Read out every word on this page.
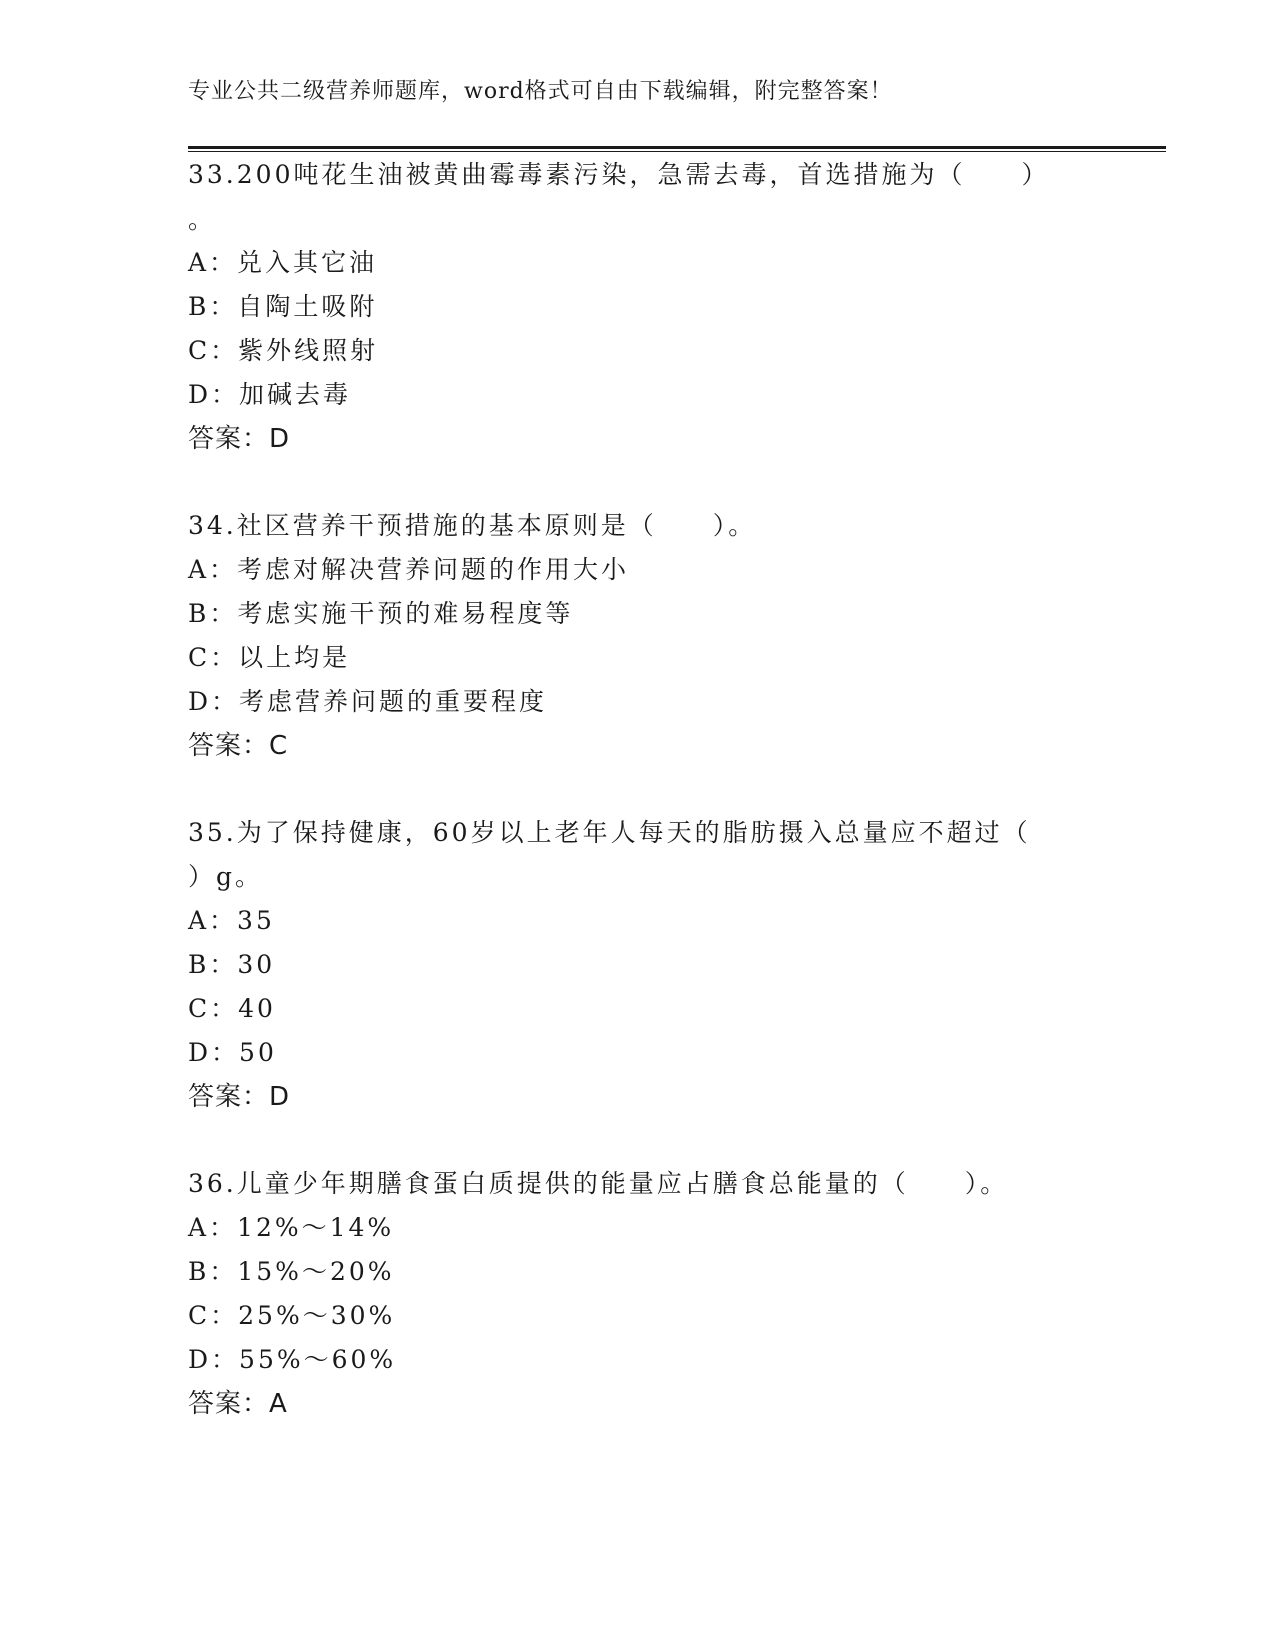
专业公共二级营养师题库，word格式可自由下载编辑，附完整答案！
33.200吨花生油被黄曲霉毒素污染，急需去毒，首选措施为（　　）
。
A：兑入其它油
B：自陶土吸附
C：紫外线照射
D：加碱去毒
答案：D
34.社区营养干预措施的基本原则是（　　）。
A：考虑对解决营养问题的作用大小
B：考虑实施干预的难易程度等
C：以上均是
D：考虑营养问题的重要程度
答案：C
35.为了保持健康，60岁以上老年人每天的脂肪摄入总量应不超过（
）g。
A：35
B：30
C：40
D：50
答案：D
36.儿童少年期膳食蛋白质提供的能量应占膳食总能量的（　　）。
A：12%～14%
B：15%～20%
C：25%～30%
D：55%～60%
答案：A
